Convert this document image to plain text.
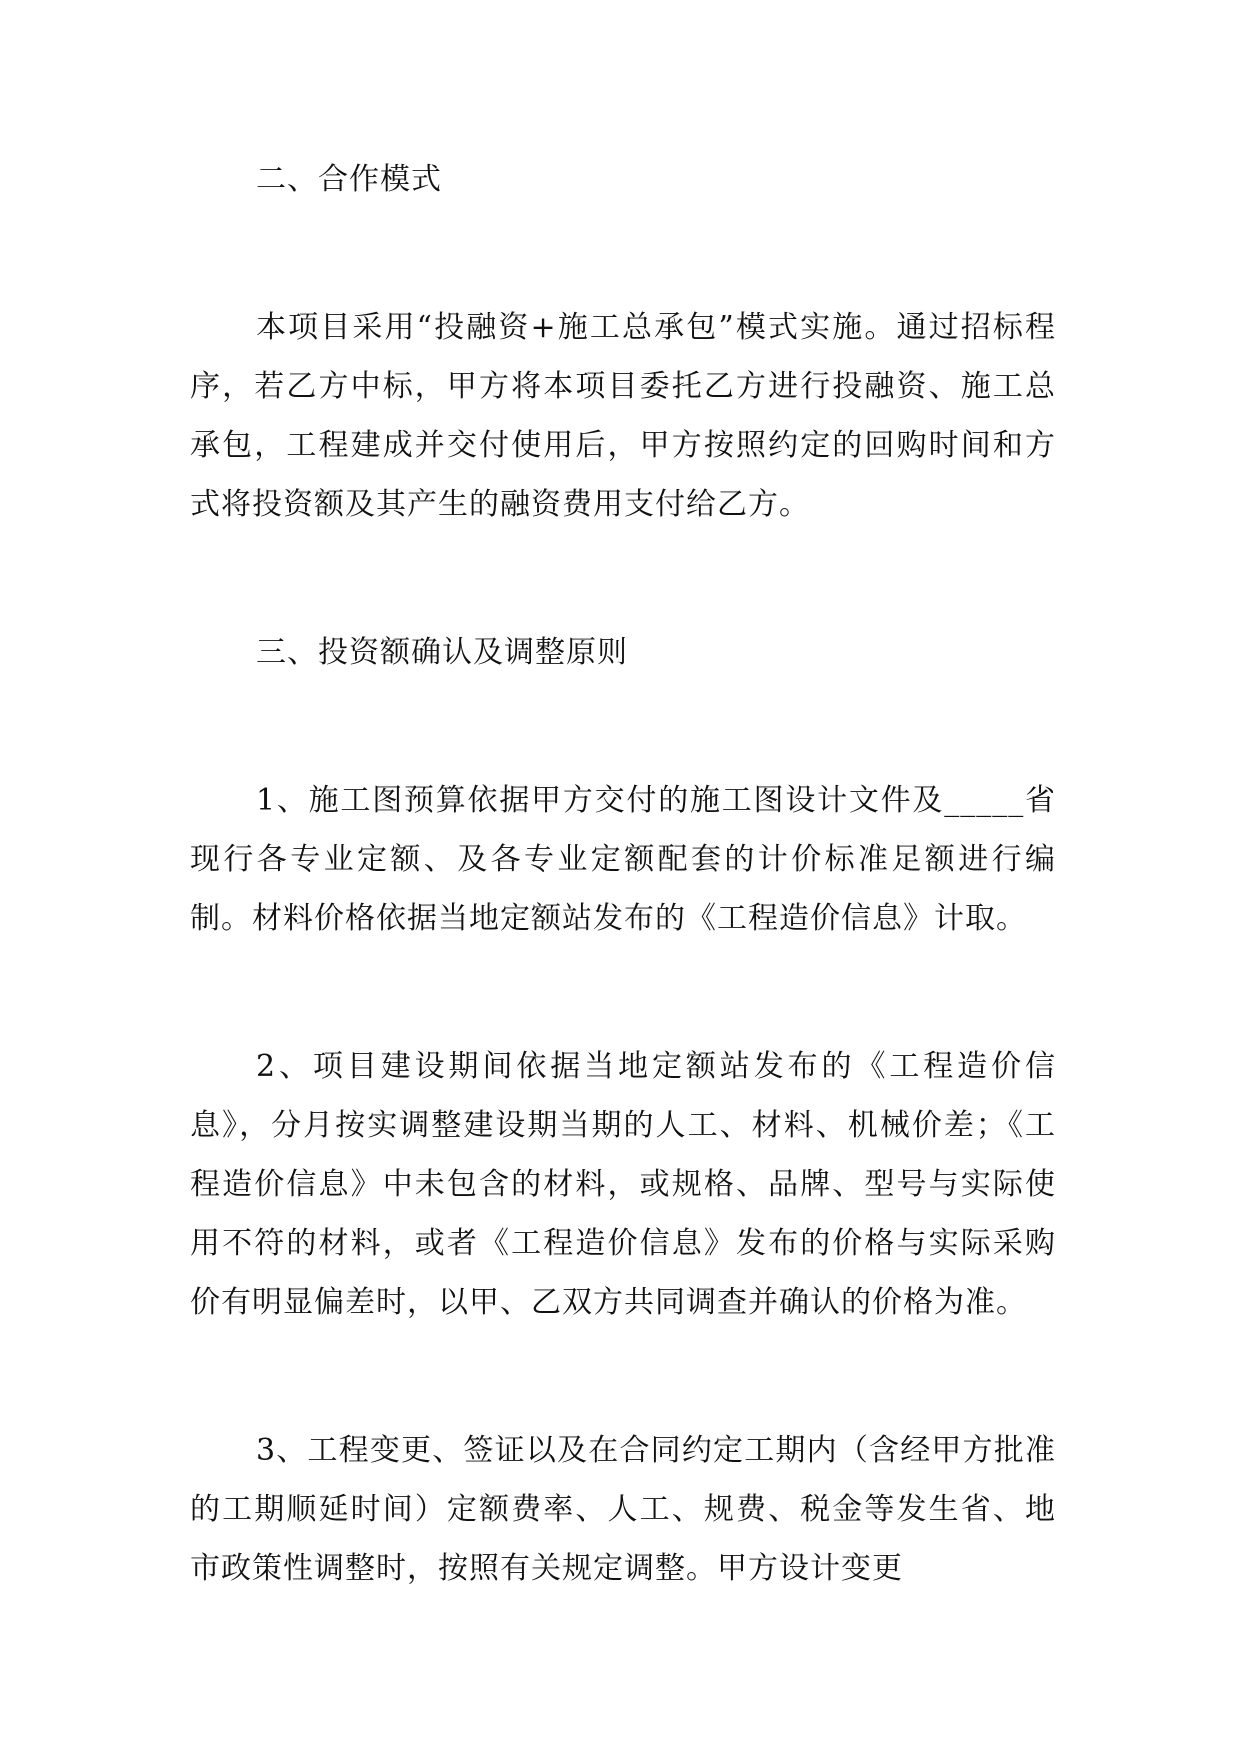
二、合作模式

本项目采用“投融资+施工总承包”模式实施。通过招标程序，若乙方中标，甲方将本项目委托乙方进行投融资、施工总承包，工程建成并交付使用后，甲方按照约定的回购时间和方式将投资额及其产生的融资费用支付给乙方。

三、投资额确认及调整原则

1、施工图预算依据甲方交付的施工图设计文件及_____省现行各专业定额、及各专业定额配套的计价标准足额进行编制。材料价格依据当地定额站发布的《工程造价信息》计取。

2、项目建设期间依据当地定额站发布的《工程造价信息》，分月按实调整建设期当期的人工、材料、机械价差；《工程造价信息》中未包含的材料，或规格、品牌、型号与实际使用不符的材料，或者《工程造价信息》发布的价格与实际采购价有明显偏差时，以甲、乙双方共同调查并确认的价格为准。

3、工程变更、签证以及在合同约定工期内（含经甲方批准的工期顺延时间）定额费率、人工、规费、税金等发生省、地市政策性调整时，按照有关规定调整。甲方设计变更
